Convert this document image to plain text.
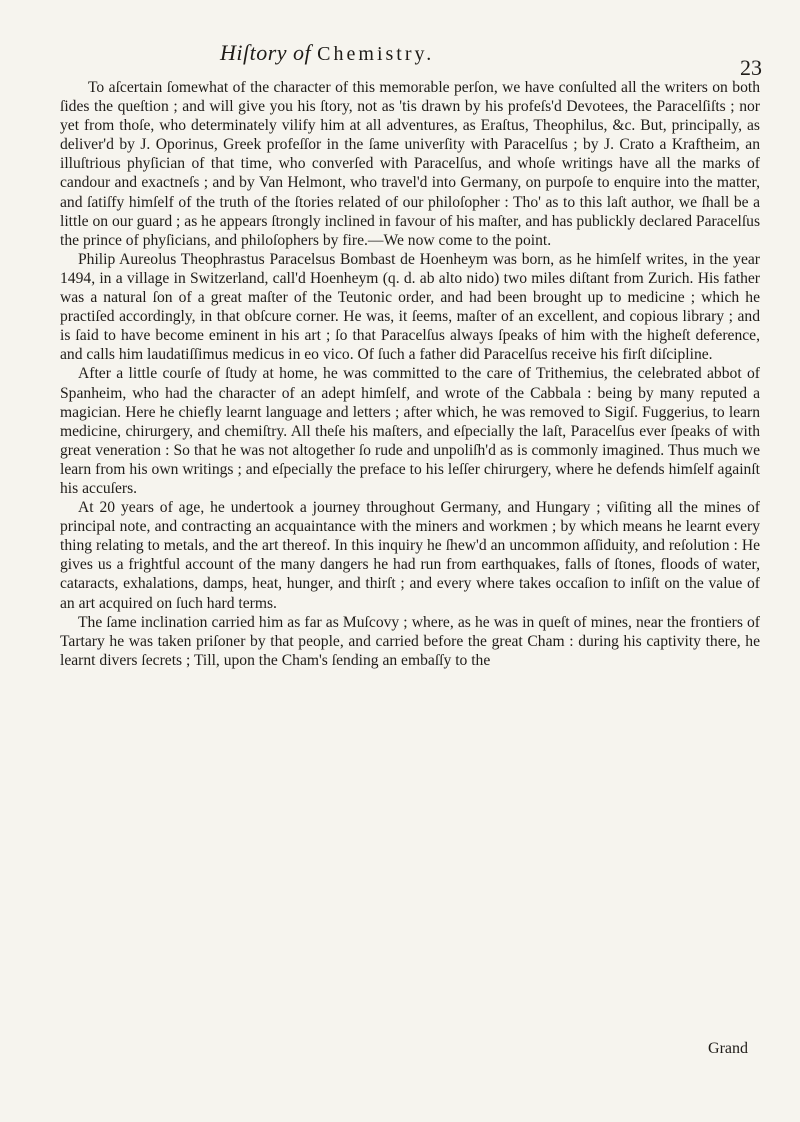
Hiſtory of Chemistry.
23

To aſcertain ſomewhat of the character of this memorable perſon, we have conſulted all the writers on both ſides the queſtion ; and will give you his ſtory, not as 'tis drawn by his profeſs'd Devotees, the Paracelſiſts ; nor yet from thoſe, who determinately vilify him at all adventures, as Eraſtus, Theophilus, &c. But, principally, as deliver'd by J. Oporinus, Greek profeſſor in the ſame univerſity with Paracelſus ; by J. Crato a Kraftheim, an illuſtrious phyſician of that time, who converſed with Paracelſus, and whoſe writings have all the marks of candour and exactneſs ; and by Van Helmont, who travel'd into Germany, on purpoſe to enquire into the matter, and ſatiſfy himſelf of the truth of the ſtories related of our philoſopher : Tho' as to this laſt author, we ſhall be a little on our guard ; as he appears ſtrongly inclined in favour of his maſter, and has publickly declared Paracelſus the prince of phyſicians, and philoſophers by fire.—We now come to the point.

Philip Aureolus Theophrastus Paracelsus Bombast de Hoenheym was born, as he himſelf writes, in the year 1494, in a village in Switzerland, call'd Hoenheym (q. d. ab alto nido) two miles diſtant from Zurich. His father was a natural ſon of a great maſter of the Teutonic order, and had been brought up to medicine ; which he practiſed accordingly, in that obſcure corner. He was, it ſeems, maſter of an excellent, and copious library ; and is ſaid to have become eminent in his art ; ſo that Paracelſus always ſpeaks of him with the higheſt deference, and calls him laudatiſſimus medicus in eo vico. Of ſuch a father did Paracelſus receive his firſt diſcipline.

After a little courſe of ſtudy at home, he was committed to the care of Trithemius, the celebrated abbot of Spanheim, who had the character of an adept himſelf, and wrote of the Cabbala : being by many reputed a magician. Here he chiefly learnt language and letters ; after which, he was removed to Sigiſ. Fuggerius, to learn medicine, chirurgery, and chemiſtry. All theſe his maſters, and eſpecially the laſt, Paracelſus ever ſpeaks of with great veneration : So that he was not altogether ſo rude and unpoliſh'd as is commonly imagined. Thus much we learn from his own writings ; and eſpecially the preface to his leſſer chirurgery, where he defends himſelf againſt his accuſers.

At 20 years of age, he undertook a journey throughout Germany, and Hungary ; viſiting all the mines of principal note, and contracting an acquaintance with the miners and workmen ; by which means he learnt every thing relating to metals, and the art thereof. In this inquiry he ſhew'd an uncommon aſſiduity, and reſolution : He gives us a frightful account of the many dangers he had run from earthquakes, falls of ſtones, floods of water, cataracts, exhalations, damps, heat, hunger, and thirſt ; and every where takes occaſion to inſiſt on the value of an art acquired on ſuch hard terms.

The ſame inclination carried him as far as Muſcovy ; where, as he was in queſt of mines, near the frontiers of Tartary he was taken priſoner by that people, and carried before the great Cham : during his captivity there, he learnt divers ſecrets ; Till, upon the Cham's ſending an embaſſy to the

Grand
